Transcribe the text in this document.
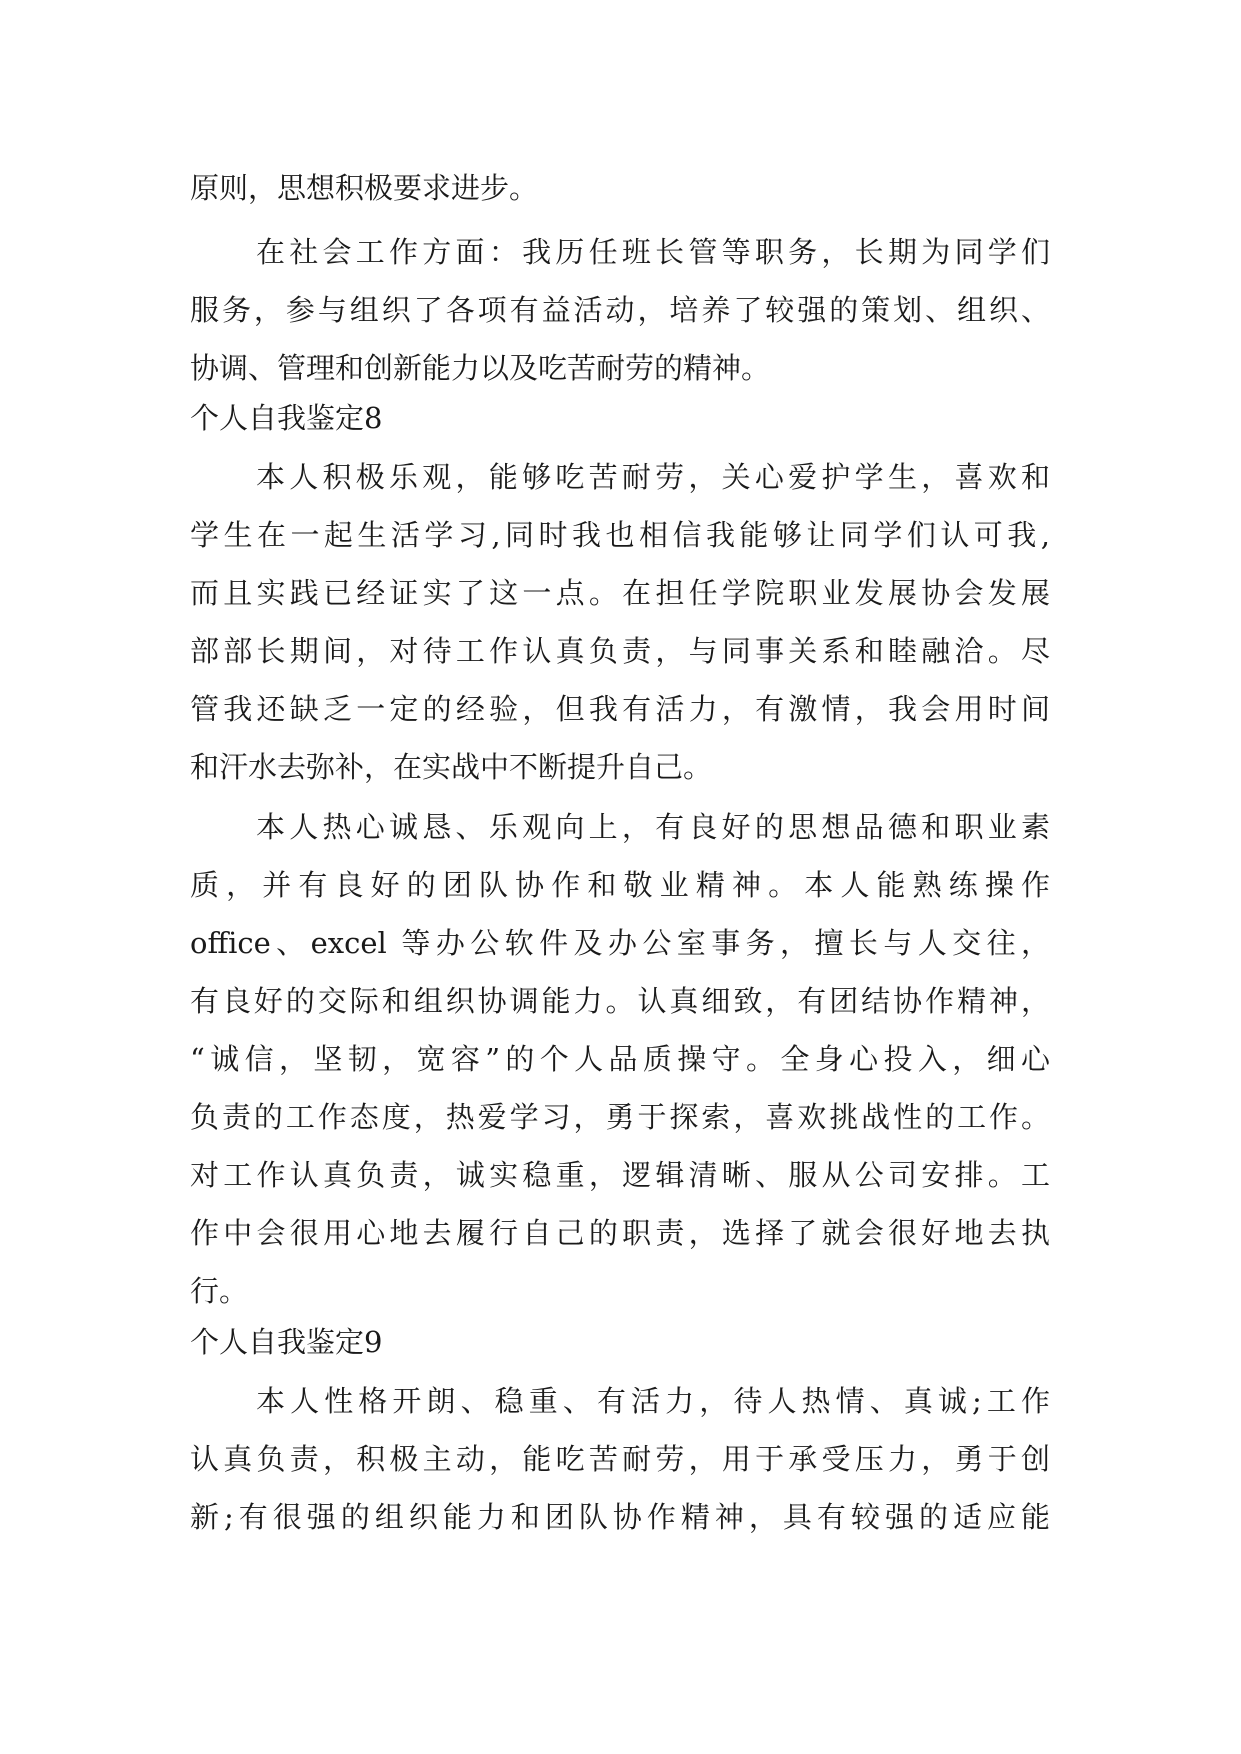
原则，思想积极要求进步。
在社会工作方面：我历任班长管等职务，长期为同学们
服务，参与组织了各项有益活动，培养了较强的策划、组织、
协调、管理和创新能力以及吃苦耐劳的精神。
个人自我鉴定8
本人积极乐观，能够吃苦耐劳，关心爱护学生，喜欢和
学生在一起生活学习,同时我也相信我能够让同学们认可我,
而且实践已经证实了这一点。在担任学院职业发展协会发展
部部长期间，对待工作认真负责，与同事关系和睦融洽。尽
管我还缺乏一定的经验，但我有活力，有激情，我会用时间
和汗水去弥补，在实战中不断提升自己。
本人热心诚恳、乐观向上，有良好的思想品德和职业素
质，并有良好的团队协作和敬业精神。本人能熟练操作
office、excel 等办公软件及办公室事务，擅长与人交往，
有良好的交际和组织协调能力。认真细致，有团结协作精神，
“诚信，坚韧，宽容”的个人品质操守。全身心投入，细心
负责的工作态度，热爱学习，勇于探索，喜欢挑战性的工作。
对工作认真负责，诚实稳重，逻辑清晰、服从公司安排。工
作中会很用心地去履行自己的职责，选择了就会很好地去执
行。
个人自我鉴定9
本人性格开朗、稳重、有活力，待人热情、真诚;工作
认真负责，积极主动，能吃苦耐劳，用于承受压力，勇于创
新;有很强的组织能力和团队协作精神，具有较强的适应能
